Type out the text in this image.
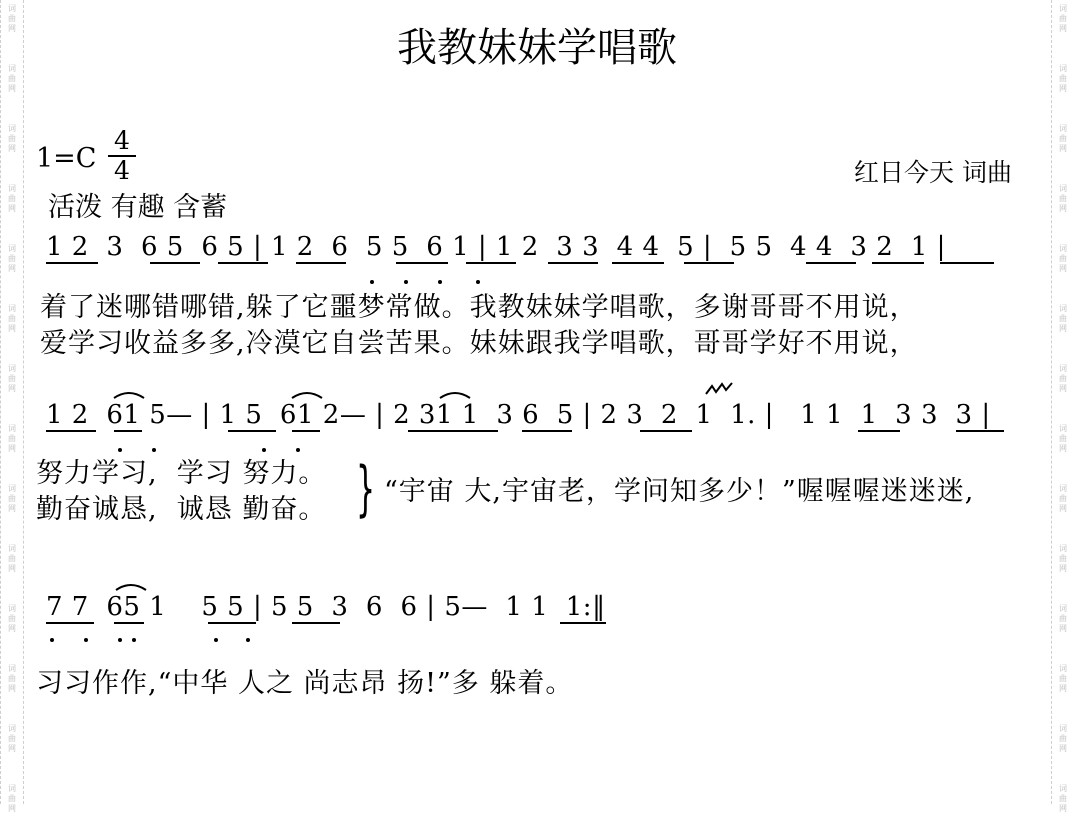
词
曲
网
词
曲
网
词
曲
网
词
曲
网
词
曲
网
词
曲
网
词
曲
网
词
曲
网
词
曲
网
词
曲
网
词
曲
网
词
曲
网
词
曲
网
词
曲
网
词
曲
网
词
曲
网
词
曲
网
词
曲
网
词
曲
网
词
曲
网
词
曲
网
词
曲
网
词
曲
网
词
曲
网
词
曲
网
词
曲
网
词
曲
网
词
曲
网
我教妹妹学唱歌
1=C
4
4	红日今天 词曲
活泼 有趣 含蓄
1 2  3  6 5  6 5 | 1 2  6  5 5  6 1 | 1 2  3 3  4 4  5 |  5 5  4 4  3 2  1 |
着了迷哪错哪错,躲了它噩梦常做。我教妹妹学唱歌，多谢哥哥不用说，
爱学习收益多多,冷漠它自尝苦果。妹妹跟我学唱歌，哥哥学好不用说，
1 2  61 5— | 1 5  61 2— | 2 31 1  3 6  5 | 2 3  2  1  1. |   1 1  1  3 3  3 |
努力学习,  学习 努力。
勤奋诚恳,  诚恳 勤奋。 } “宇宙 大,宇宙老，学问知多少！”喔喔喔迷迷迷,
7 7  65 1    5 5 | 5 5  3  6  6 | 5—  1 1  1:‖
习习作作,“中华 人之 尚志昂 扬!”多 躲着。
